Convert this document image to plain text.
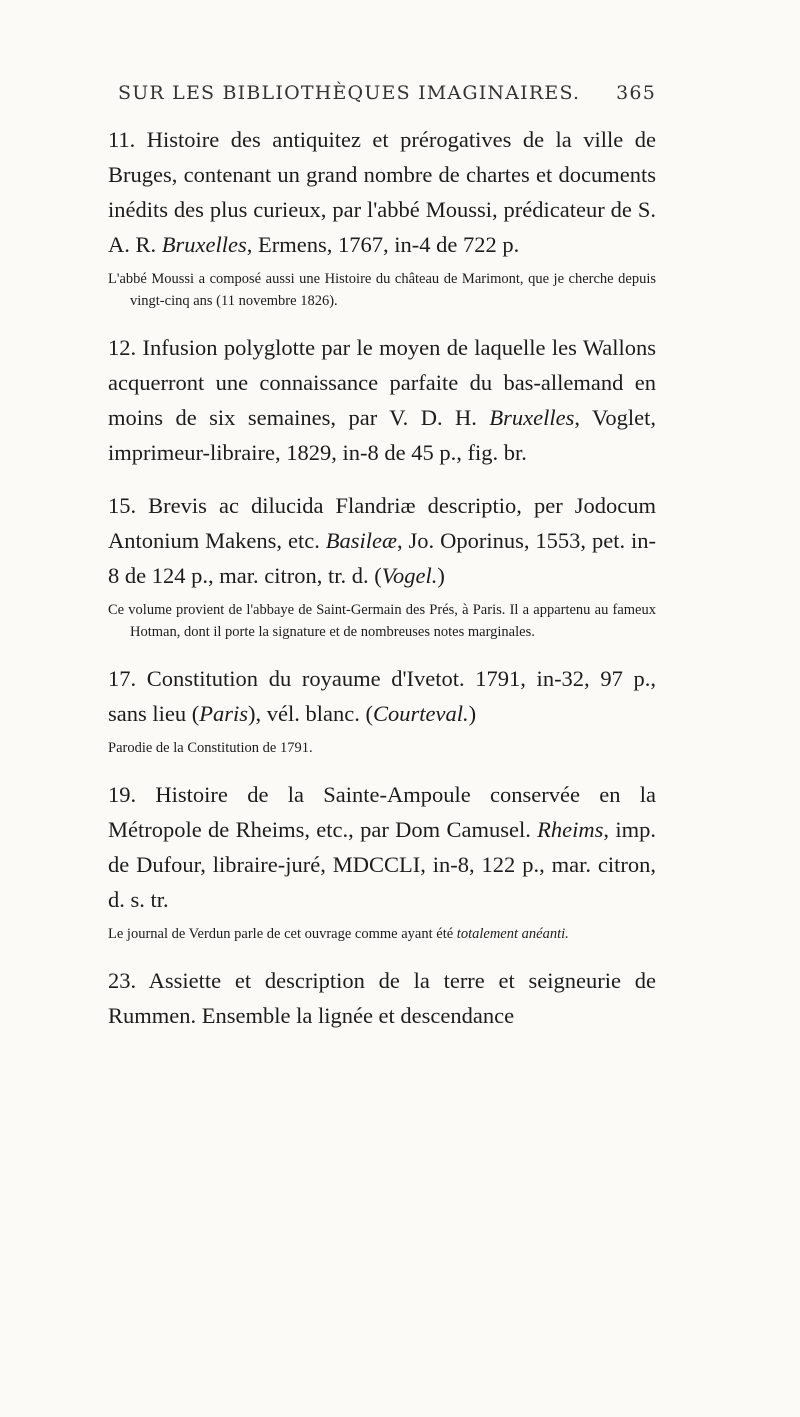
SUR LES BIBLIOTHÈQUES IMAGINAIRES. 365
11. Histoire des antiquitez et prérogatives de la ville de Bruges, contenant un grand nombre de chartes et documents inédits des plus curieux, par l'abbé Moussi, prédicateur de S. A. R. Bruxelles, Ermens, 1767, in-4 de 722 p.
L'abbé Moussi a composé aussi une Histoire du château de Marimont, que je cherche depuis vingt-cinq ans (11 novembre 1826).
12. Infusion polyglotte par le moyen de laquelle les Wallons acquerront une connaissance parfaite du bas-allemand en moins de six semaines, par V. D. H. Bruxelles, Voglet, imprimeur-libraire, 1829, in-8 de 45 p., fig. br.
15. Brevis ac dilucida Flandriæ descriptio, per Jodocum Antonium Makens, etc. Basileæ, Jo. Oporinus, 1553, pet. in-8 de 124 p., mar. citron, tr. d. (Vogel.)
Ce volume provient de l'abbaye de Saint-Germain des Prés, à Paris. Il a appartenu au fameux Hotman, dont il porte la signature et de nombreuses notes marginales.
17. Constitution du royaume d'Ivetot. 1791, in-32, 97 p., sans lieu (Paris), vél. blanc. (Courteval.)
Parodie de la Constitution de 1791.
19. Histoire de la Sainte-Ampoule conservée en la Métropole de Rheims, etc., par Dom Camusel. Rheims, imp. de Dufour, libraire-juré, MDCCLI, in-8, 122 p., mar. citron, d. s. tr.
Le journal de Verdun parle de cet ouvrage comme ayant été totalement anéanti.
23. Assiette et description de la terre et seigneurie de Rummen. Ensemble la lignée et descendance
